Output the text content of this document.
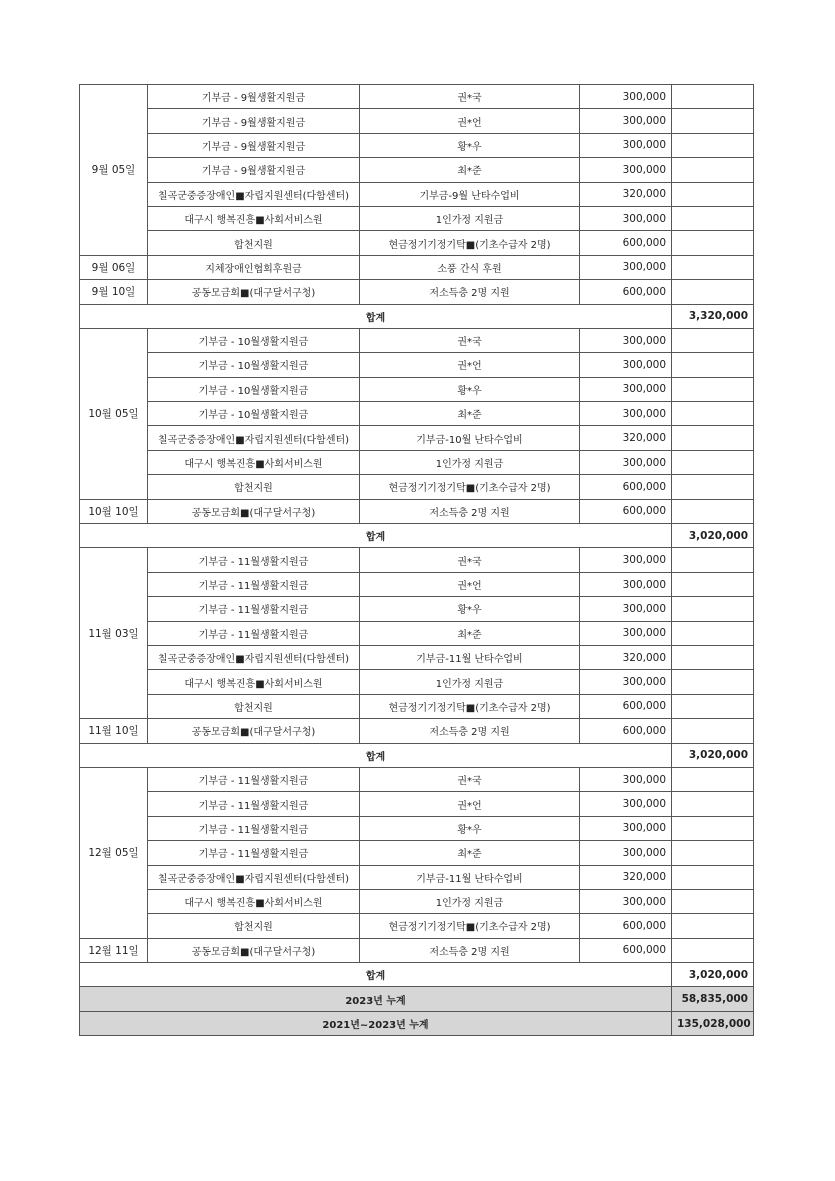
9월 05일	기부금 - 9월생활지원금	권*국	300,000	
	기부금 - 9월생활지원금	권*언	300,000	
	기부금 - 9월생활지원금	황*우	300,000	
	기부금 - 9월생활지원금	최*준	300,000	
	칠곡군중증장애인■자립지원센터(다함센터)	기부금-9월 난타수업비	320,000	
	대구시 행복진흥■사회서비스원	1인가정 지원금	300,000	
	합천지원	현금정기기정기탁■(기초수급자 2명)	600,000	
9월 06일	지체장애인협회후원금	소풍 간식 후원	300,000	
9월 10일	공동모금회■(대구달서구청)	저소득층 2명 지원	600,000	
합계				3,320,000
10월 05일	기부금 - 10월생활지원금	권*국	300,000	
	기부금 - 10월생활지원금	권*언	300,000	
	기부금 - 10월생활지원금	황*우	300,000	
	기부금 - 10월생활지원금	최*준	300,000	
	칠곡군중증장애인■자립지원센터(다함센터)	기부금-10월 난타수업비	320,000	
	대구시 행복진흥■사회서비스원	1인가정 지원금	300,000	
	합천지원	현금정기기정기탁■(기초수급자 2명)	600,000	
10월 10일	공동모금회■(대구달서구청)	저소득층 2명 지원	600,000	
합계				3,020,000
11월 03일	기부금 - 11월생활지원금	권*국	300,000	
	기부금 - 11월생활지원금	권*언	300,000	
	기부금 - 11월생활지원금	황*우	300,000	
	기부금 - 11월생활지원금	최*준	300,000	
	칠곡군중증장애인■자립지원센터(다함센터)	기부금-11월 난타수업비	320,000	
	대구시 행복진흥■사회서비스원	1인가정 지원금	300,000	
	합천지원	현금정기기정기탁■(기초수급자 2명)	600,000	
11월 10일	공동모금회■(대구달서구청)	저소득층 2명 지원	600,000	
합계				3,020,000
12월 05일	기부금 - 11월생활지원금	권*국	300,000	
	기부금 - 11월생활지원금	권*언	300,000	
	기부금 - 11월생활지원금	황*우	300,000	
	기부금 - 11월생활지원금	최*준	300,000	
	칠곡군중증장애인■자립지원센터(다함센터)	기부금-11월 난타수업비	320,000	
	대구시 행복진흥■사회서비스원	1인가정 지원금	300,000	
	합천지원	현금정기기정기탁■(기초수급자 2명)	600,000	
12월 11일	공동모금회■(대구달서구청)	저소득층 2명 지원	600,000	
합계				3,020,000
2023년 누계				58,835,000
2021년~2023년 누계				135,028,000
